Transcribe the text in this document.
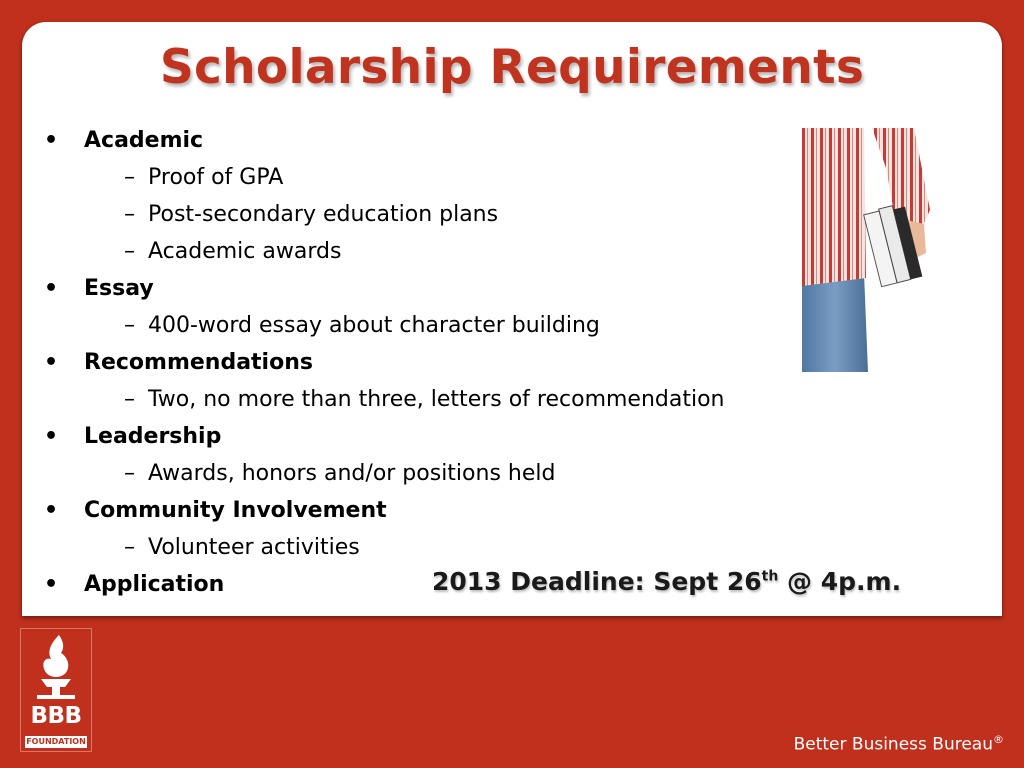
Scholarship Requirements
• Academic
– Proof of GPA
– Post-secondary education plans
– Academic awards
• Essay
– 400-word essay about character building
• Recommendations
– Two, no more than three, letters of recommendation
• Leadership
– Awards, honors and/or positions held
• Community Involvement
– Volunteer activities
• Application	2013 Deadline: Sept 26th @ 4p.m.
BBB
FOUNDATION	Better Business Bureau®
